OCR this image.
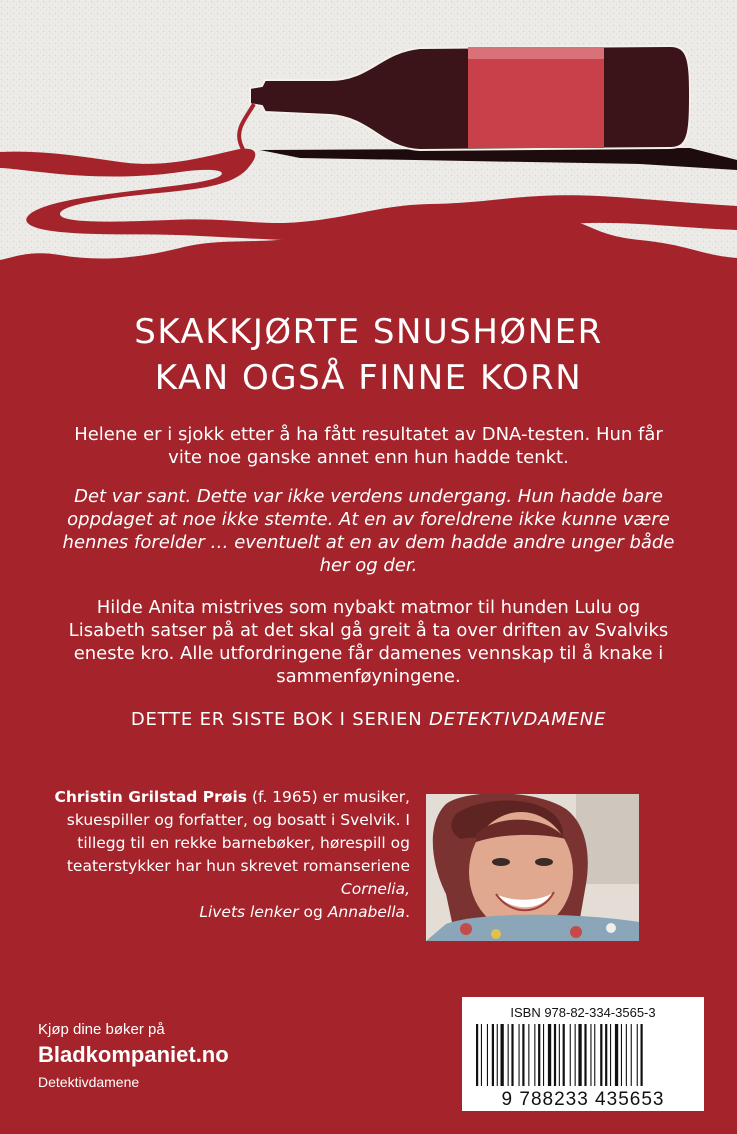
SKAKKJØRTE SNUSHØNER
KAN OGSÅ FINNE KORN
Helene er i sjokk etter å ha fått resultatet av DNA-testen. Hun får vite noe ganske annet enn hun hadde tenkt.
Det var sant. Dette var ikke verdens undergang. Hun hadde bare oppdaget at noe ikke stemte. At en av foreldrene ikke kunne være hennes forelder … eventuelt at en av dem hadde andre unger både her og der.
Hilde Anita mistrives som nybakt matmor til hunden Lulu og Lisabeth satser på at det skal gå greit å ta over driften av Svalviks eneste kro. Alle utfordringene får damenes vennskap til å knake i sammenføyningene.
DETTE ER SISTE BOK I SERIEN DETEKTIVDAMENE
Christin Grilstad Prøis (f. 1965) er musiker, skuespiller og forfatter, og bosatt i Svelvik. I tillegg til en rekke barnebøker, hørespill og teaterstykker har hun skrevet romanseriene Cornelia,
Livets lenker og Annabella.
ISBN 978-82-334-3565-3
9 788233 435653
Kjøp dine bøker på
Bladkompaniet.no
Detektivdamene
